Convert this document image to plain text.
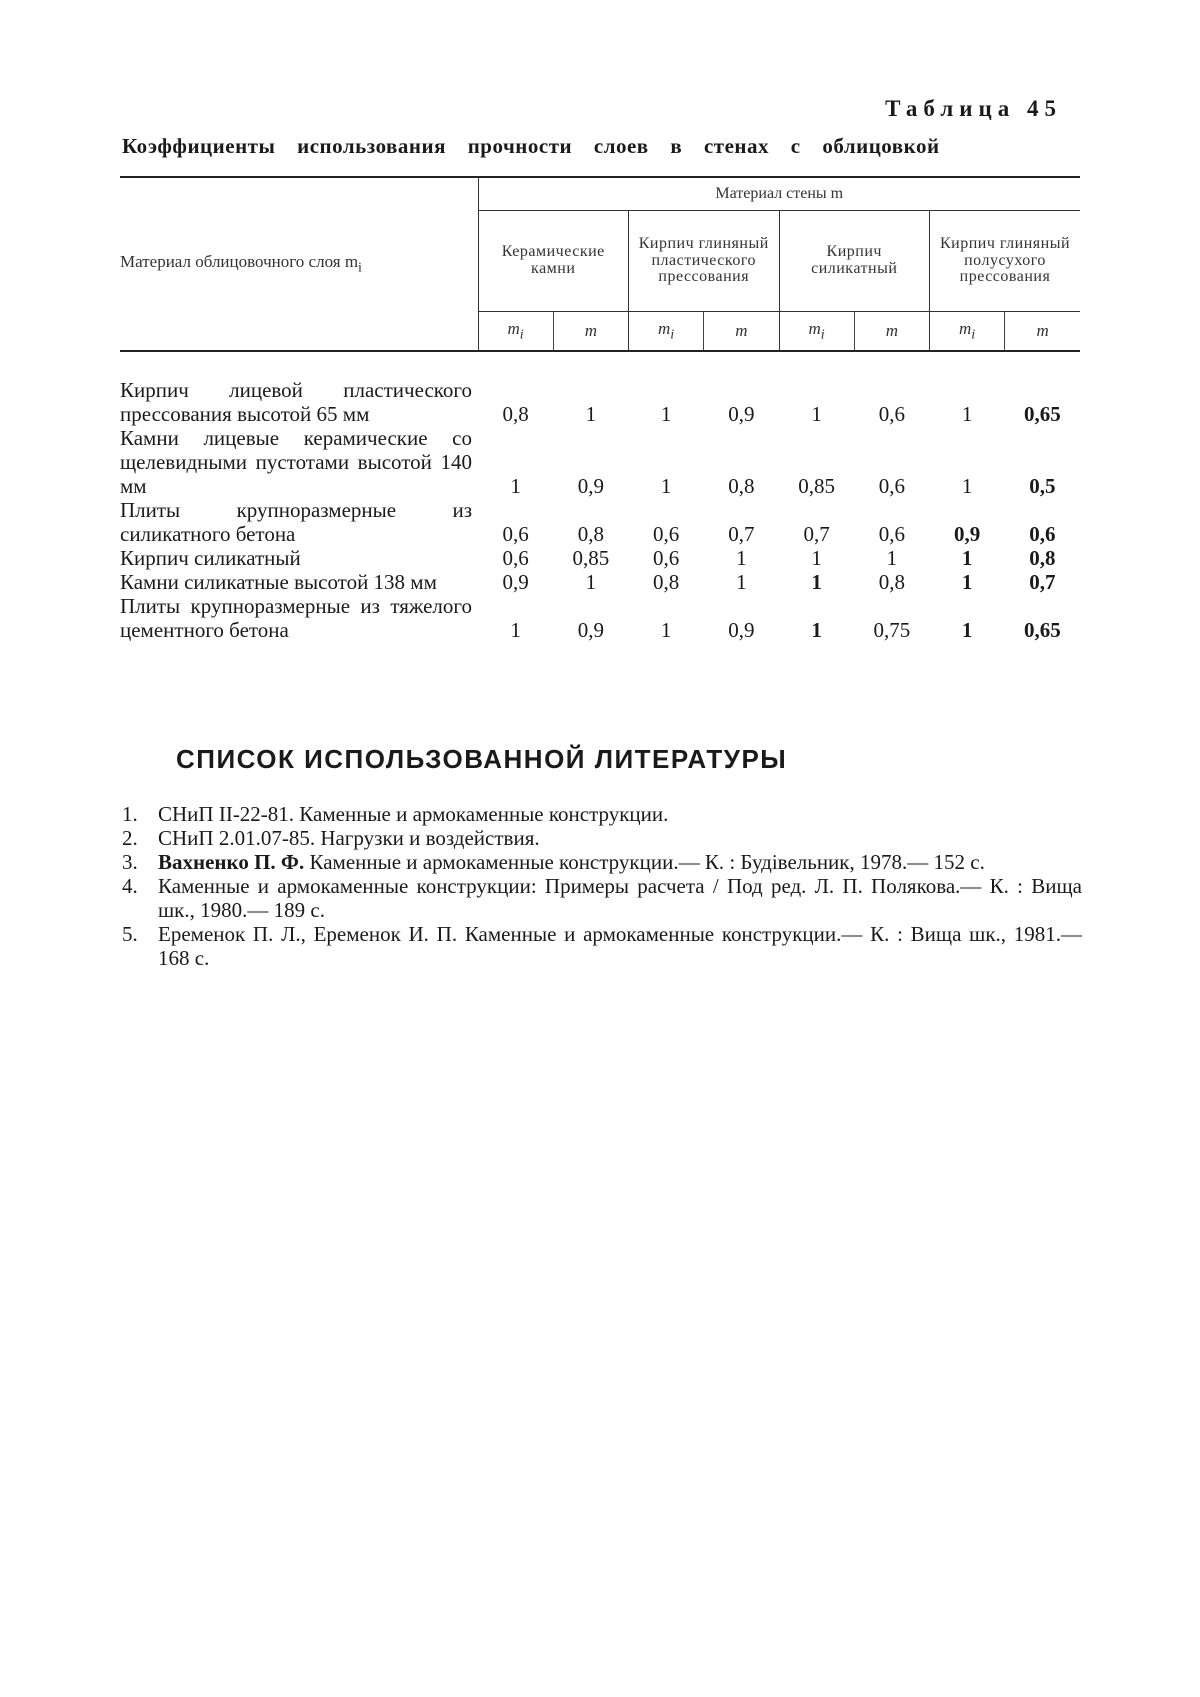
Таблица 45
Коэффициенты использования прочности слоев в стенах с облицовкой
Материал облицовочного слоя $m_i$	Материал стены m							
	Керамические камни		Кирпич глиняный пластического прессования		Кирпич силикатный		Кирпич глиняный полусухого прессования	
	$m_i$	m	$m_i$	m	$m_i$	m	$m_i$	m
Кирпич лицевой пластического прессования высотой 65 мм	0,8	1	1	0,9	1	0,6	1	0,65
Камни лицевые керамические со щелевидными пустотами высотой 140 мм	1	0,9	1	0,8	0,85	0,6	1	0,5
Плиты крупноразмерные из силикатного бетона	0,6	0,8	0,6	0,7	0,7	0,6	0,9	0,6
Кирпич силикатный	0,6	0,85	0,6	1	1	1	1	0,8
Камни силикатные высотой 138 мм	0,9	1	0,8	1	1	0,8	1	0,7
Плиты крупноразмерные из тяжелого цементного бетона	1	0,9	1	0,9	1	0,75	1	0,65
СПИСОК ИСПОЛЬЗОВАННОЙ ЛИТЕРАТУРЫ
1. СНиП II-22-81. Каменные и армокаменные конструкции.
2. СНиП 2.01.07-85. Нагрузки и воздействия.
3. Вахненко П. Ф. Каменные и армокаменные конструкции.— К. : Будівельник, 1978.— 152 с.
4. Каменные и армокаменные конструкции: Примеры расчета / Под ред. Л. П. Полякова.— К. : Вища шк., 1980.— 189 с.
5. Еременок П. Л., Еременок И. П. Каменные и армокаменные конструкции.— К. : Вища шк., 1981.— 168 с.
